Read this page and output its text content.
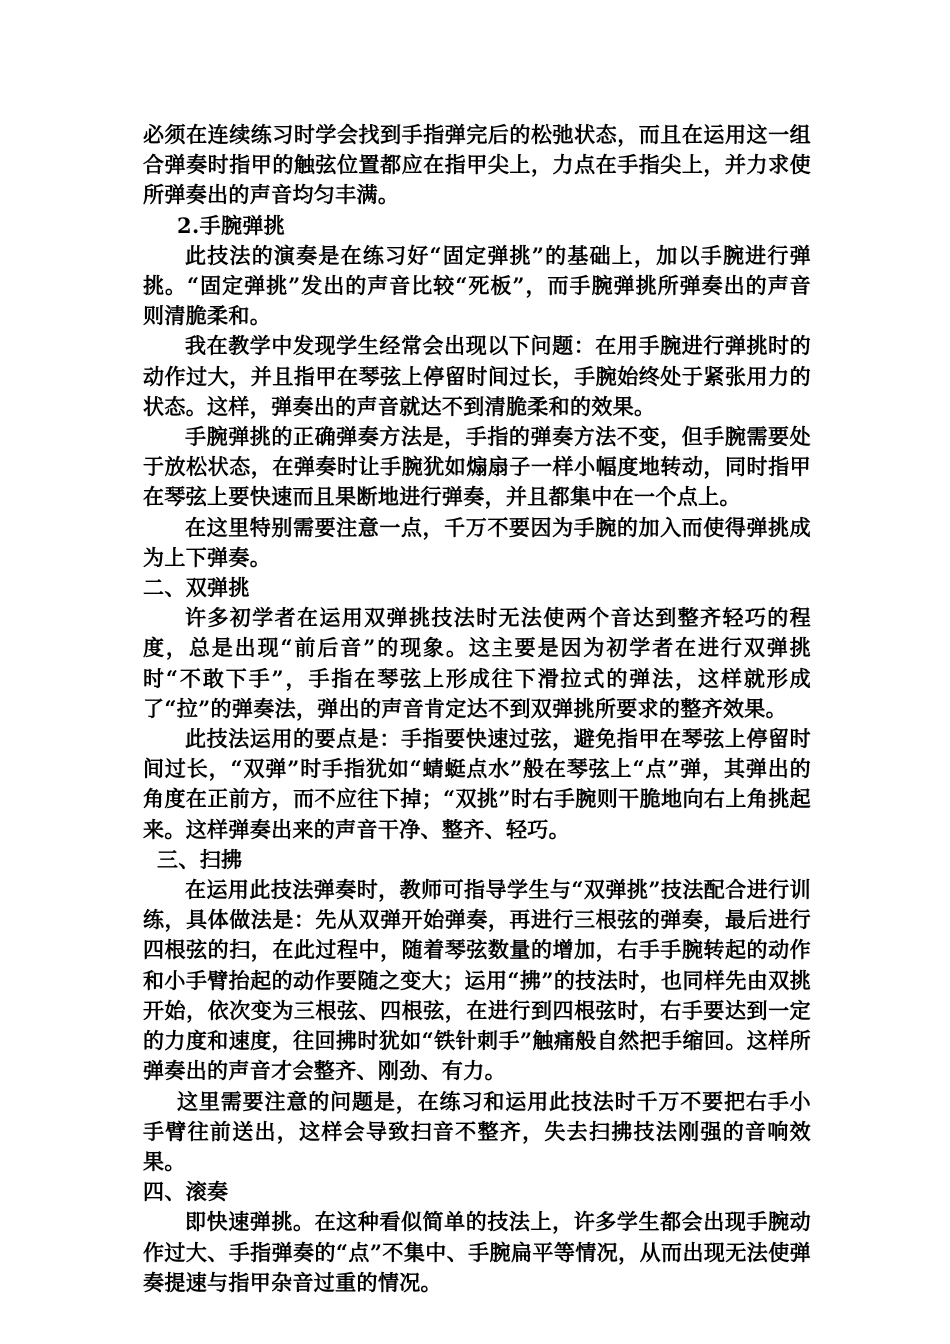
必须在连续练习时学会找到手指弹完后的松弛状态，而且在运用这一组合弹奏时指甲的触弦位置都应在指甲尖上，力点在手指尖上，并力求使所弹奏出的声音均匀丰满。

2.手腕弹挑

此技法的演奏是在练习好“固定弹挑”的基础上，加以手腕进行弹挑。“固定弹挑”发出的声音比较“死板”，而手腕弹挑所弹奏出的声音则清脆柔和。

我在教学中发现学生经常会出现以下问题：在用手腕进行弹挑时的动作过大，并且指甲在琴弦上停留时间过长，手腕始终处于紧张用力的状态。这样，弹奏出的声音就达不到清脆柔和的效果。

手腕弹挑的正确弹奏方法是，手指的弹奏方法不变，但手腕需要处于放松状态，在弹奏时让手腕犹如煽扇子一样小幅度地转动，同时指甲在琴弦上要快速而且果断地进行弹奏，并且都集中在一个点上。

在这里特别需要注意一点，千万不要因为手腕的加入而使得弹挑成为上下弹奏。

二、双弹挑

许多初学者在运用双弹挑技法时无法使两个音达到整齐轻巧的程度，总是出现“前后音”的现象。这主要是因为初学者在进行双弹挑时“不敢下手”，手指在琴弦上形成往下滑拉式的弹法，这样就形成了“拉”的弹奏法，弹出的声音肯定达不到双弹挑所要求的整齐效果。

此技法运用的要点是：手指要快速过弦，避免指甲在琴弦上停留时间过长，“双弹”时手指犹如“蜻蜓点水”般在琴弦上“点”弹，其弹出的角度在正前方，而不应往下掉；“双挑”时右手腕则干脆地向右上角挑起来。这样弹奏出来的声音干净、整齐、轻巧。

三、扫拂

在运用此技法弹奏时，教师可指导学生与“双弹挑”技法配合进行训练，具体做法是：先从双弹开始弹奏，再进行三根弦的弹奏，最后进行四根弦的扫，在此过程中，随着琴弦数量的增加，右手手腕转起的动作和小手臂抬起的动作要随之变大；运用“拂”的技法时，也同样先由双挑开始，依次变为三根弦、四根弦，在进行到四根弦时，右手要达到一定的力度和速度，往回拂时犹如“铁针刺手”触痛般自然把手缩回。这样所弹奏出的声音才会整齐、刚劲、有力。

这里需要注意的问题是，在练习和运用此技法时千万不要把右手小手臂往前送出，这样会导致扫音不整齐，失去扫拂技法刚强的音响效果。

四、滚奏

即快速弹挑。在这种看似简单的技法上，许多学生都会出现手腕动作过大、手指弹奏的“点”不集中、手腕扁平等情况，从而出现无法使弹奏提速与指甲杂音过重的情况。
